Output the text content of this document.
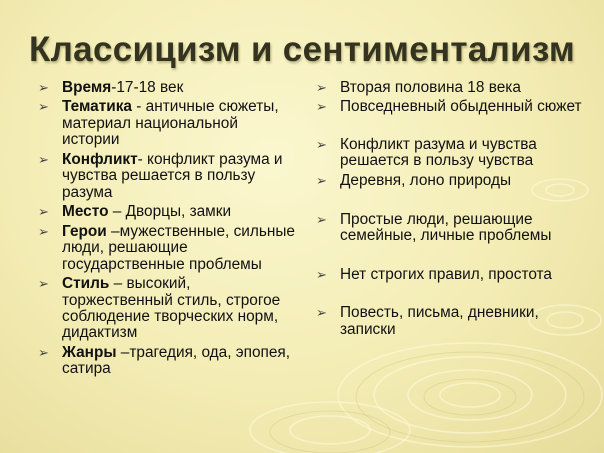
Классицизм и сентиментализм
➢ Время-17-18 век
➢ Тематика - античные сюжеты, материал национальной истории
➢ Конфликт- конфликт разума и чувства решается в пользу разума
➢ Место – Дворцы, замки
➢ Герои –мужественные, сильные люди, решающие государственные проблемы
➢ Стиль – высокий, торжественный стиль, строгое соблюдение творческих норм, дидактизм
➢ Жанры –трагедия, ода, эпопея, сатира
➢ Вторая половина 18 века
➢ Повседневный обыденный сюжет
➢ Конфликт разума и чувства решается в пользу чувства
➢ Деревня, лоно природы
➢ Простые люди, решающие семейные, личные проблемы
➢ Нет строгих правил, простота
➢ Повесть, письма, дневники, записки
